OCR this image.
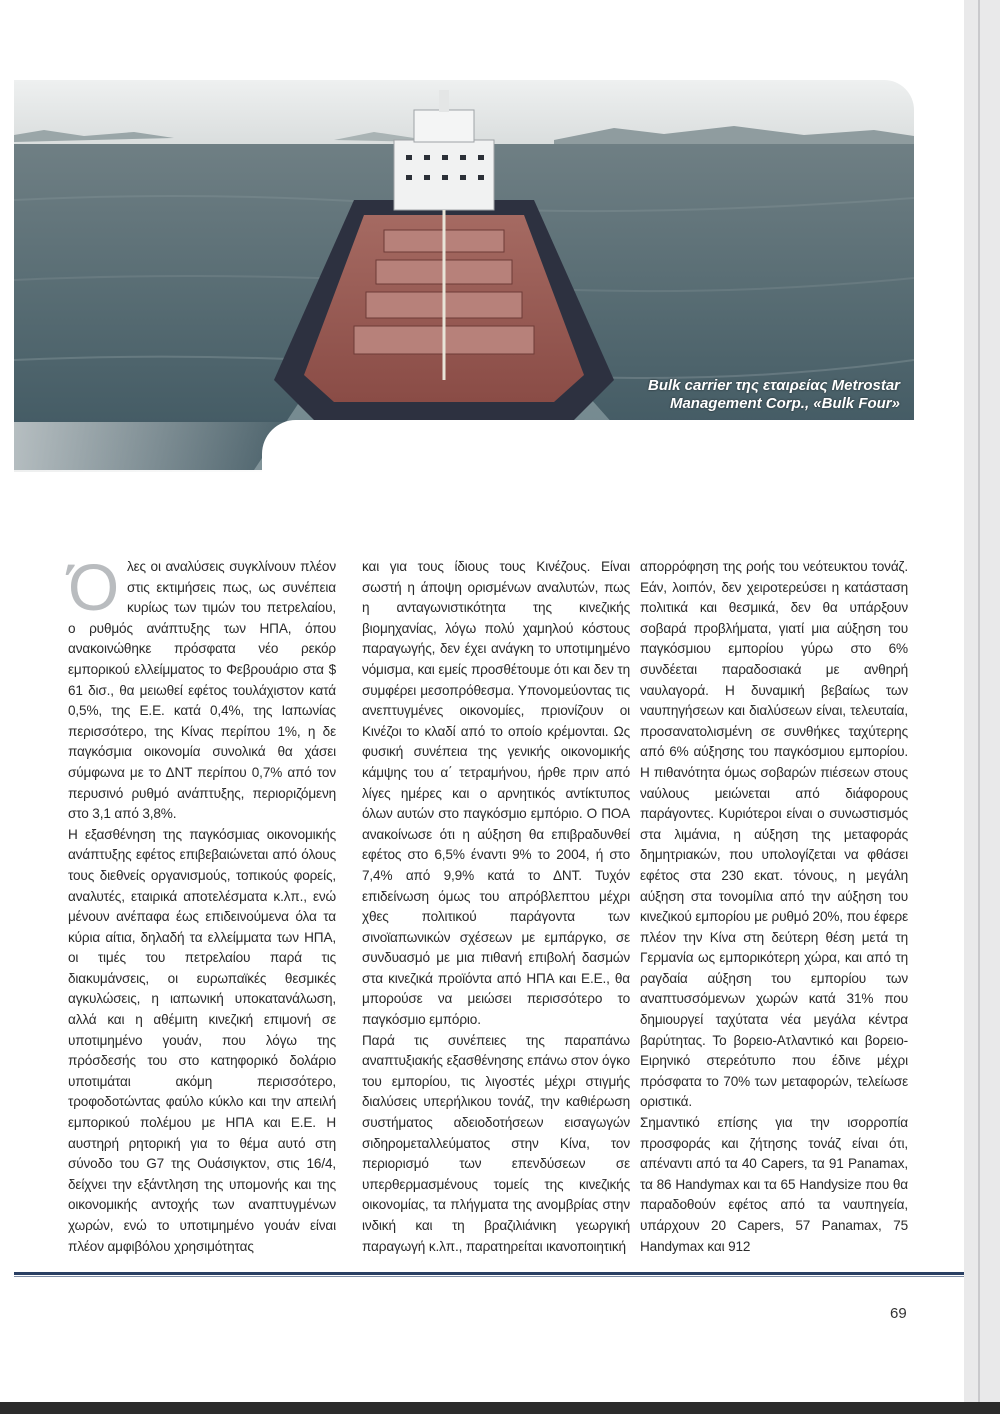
Bulk carrier της εταιρείας Metrostar
Management Corp., «Bulk Four»

Όλες οι αναλύσεις συγκλίνουν πλέον στις εκτιμήσεις πως, ως συνέπεια κυρίως των τιμών του πετρελαίου, ο ρυθμός ανάπτυξης των ΗΠΑ, όπου ανακοινώθηκε πρόσφατα νέο ρεκόρ εμπορικού ελλείμματος το Φεβρουάριο στα $ 61 δισ., θα μειωθεί εφέτος τουλάχιστον κατά 0,5%, της Ε.Ε. κατά 0,4%, της Ιαπωνίας περισσότερο, της Κίνας περίπου 1%, η δε παγκόσμια οικονομία συνολικά θα χάσει σύμφωνα με το ΔΝΤ περίπου 0,7% από τον περυσινό ρυθμό ανάπτυξης, περιοριζόμενη στο 3,1 από 3,8%.

Η εξασθένηση της παγκόσμιας οικονομικής ανάπτυξης εφέτος επιβεβαιώνεται από όλους τους διεθνείς οργανισμούς, τοπικούς φορείς, αναλυτές, εταιρικά αποτελέσματα κ.λπ., ενώ μένουν ανέπαφα έως επιδεινούμενα όλα τα κύρια αίτια, δηλαδή τα ελλείμματα των ΗΠΑ, οι τιμές του πετρελαίου παρά τις διακυμάνσεις, οι ευρωπαϊκές θεσμικές αγκυλώσεις, η ιαπωνική υποκατανάλωση, αλλά και η αθέμιτη κινεζική επιμονή σε υποτιμημένο γουάν, που λόγω της πρόσδεσής του στο κατηφορικό δολάριο υποτιμάται ακόμη περισσότερο, τροφοδοτώντας φαύλο κύκλο και την απειλή εμπορικού πολέμου με ΗΠΑ και Ε.Ε. Η αυστηρή ρητορική για το θέμα αυτό στη σύνοδο του G7 της Ουάσιγκτον, στις 16/4, δείχνει την εξάντληση της υπομονής και της οικονομικής αντοχής των αναπτυγμένων χωρών, ενώ το υποτιμημένο γουάν είναι πλέον αμφιβόλου χρησιμότητας

και για τους ίδιους τους Κινέζους. Είναι σωστή η άποψη ορισμένων αναλυτών, πως η ανταγωνιστικότητα της κινεζικής βιομηχανίας, λόγω πολύ χαμηλού κόστους παραγωγής, δεν έχει ανάγκη το υποτιμημένο νόμισμα, και εμείς προσθέτουμε ότι και δεν τη συμφέρει μεσοπρόθεσμα. Υπονομεύοντας τις ανεπτυγμένες οικονομίες, πριονίζουν οι Κινέζοι το κλαδί από το οποίο κρέμονται. Ως φυσική συνέπεια της γενικής οικονομικής κάμψης του α΄ τετραμήνου, ήρθε πριν από λίγες ημέρες και ο αρνητικός αντίκτυπος όλων αυτών στο παγκόσμιο εμπόριο. Ο ΠΟΑ ανακοίνωσε ότι η αύξηση θα επιβραδυνθεί εφέτος στο 6,5% έναντι 9% το 2004, ή στο 7,4% από 9,9% κατά το ΔΝΤ. Τυχόν επιδείνωση όμως του απρόβλεπτου μέχρι χθες πολιτικού παράγοντα των σινοϊαπωνικών σχέσεων με εμπάργκο, σε συνδυασμό με μια πιθανή επιβολή δασμών στα κινεζικά προϊόντα από ΗΠΑ και Ε.Ε., θα μπορούσε να μειώσει περισσότερο το παγκόσμιο εμπόριο.

Παρά τις συνέπειες της παραπάνω αναπτυξιακής εξασθένησης επάνω στον όγκο του εμπορίου, τις λιγοστές μέχρι στιγμής διαλύσεις υπερήλικου τονάζ, την καθιέρωση συστήματος αδειοδοτήσεων εισαγωγών σιδηρομεταλλεύματος στην Κίνα, τον περιορισμό των επενδύσεων σε υπερθερμασμένους τομείς της κινεζικής οικονομίας, τα πλήγματα της ανομβρίας στην ινδική και τη βραζιλιάνικη γεωργική παραγωγή κ.λπ., παρατηρείται ικανοποιητική

απορρόφηση της ροής του νεότευκτου τονάζ. Εάν, λοιπόν, δεν χειροτερεύσει η κατάσταση πολιτικά και θεσμικά, δεν θα υπάρξουν σοβαρά προβλήματα, γιατί μια αύξηση του παγκόσμιου εμπορίου γύρω στο 6% συνδέεται παραδοσιακά με ανθηρή ναυλαγορά. Η δυναμική βεβαίως των ναυπηγήσεων και διαλύσεων είναι, τελευταία, προσανατολισμένη σε συνθήκες ταχύτερης από 6% αύξησης του παγκόσμιου εμπορίου. Η πιθανότητα όμως σοβαρών πιέσεων στους ναύλους μειώνεται από διάφορους παράγοντες. Κυριότεροι είναι ο συνωστισμός στα λιμάνια, η αύξηση της μεταφοράς δημητριακών, που υπολογίζεται να φθάσει εφέτος στα 230 εκατ. τόνους, η μεγάλη αύξηση στα τονομίλια από την αύξηση του κινεζικού εμπορίου με ρυθμό 20%, που έφερε πλέον την Κίνα στη δεύτερη θέση μετά τη Γερμανία ως εμπορικότερη χώρα, και από τη ραγδαία αύξηση του εμπορίου των αναπτυσσόμενων χωρών κατά 31% που δημιουργεί ταχύτατα νέα μεγάλα κέντρα βαρύτητας. Το βορειο-Ατλαντικό και βορειο-Ειρηνικό στερεότυπο που έδινε μέχρι πρόσφατα το 70% των μεταφορών, τελείωσε οριστικά.

Σημαντικό επίσης για την ισορροπία προσφοράς και ζήτησης τονάζ είναι ότι, απέναντι από τα 40 Capers, τα 91 Panamax, τα 86 Handymax και τα 65 Handysize που θα παραδοθούν εφέτος από τα ναυπηγεία, υπάρχουν 20 Capers, 57 Panamax, 75 Handymax και 912

69
